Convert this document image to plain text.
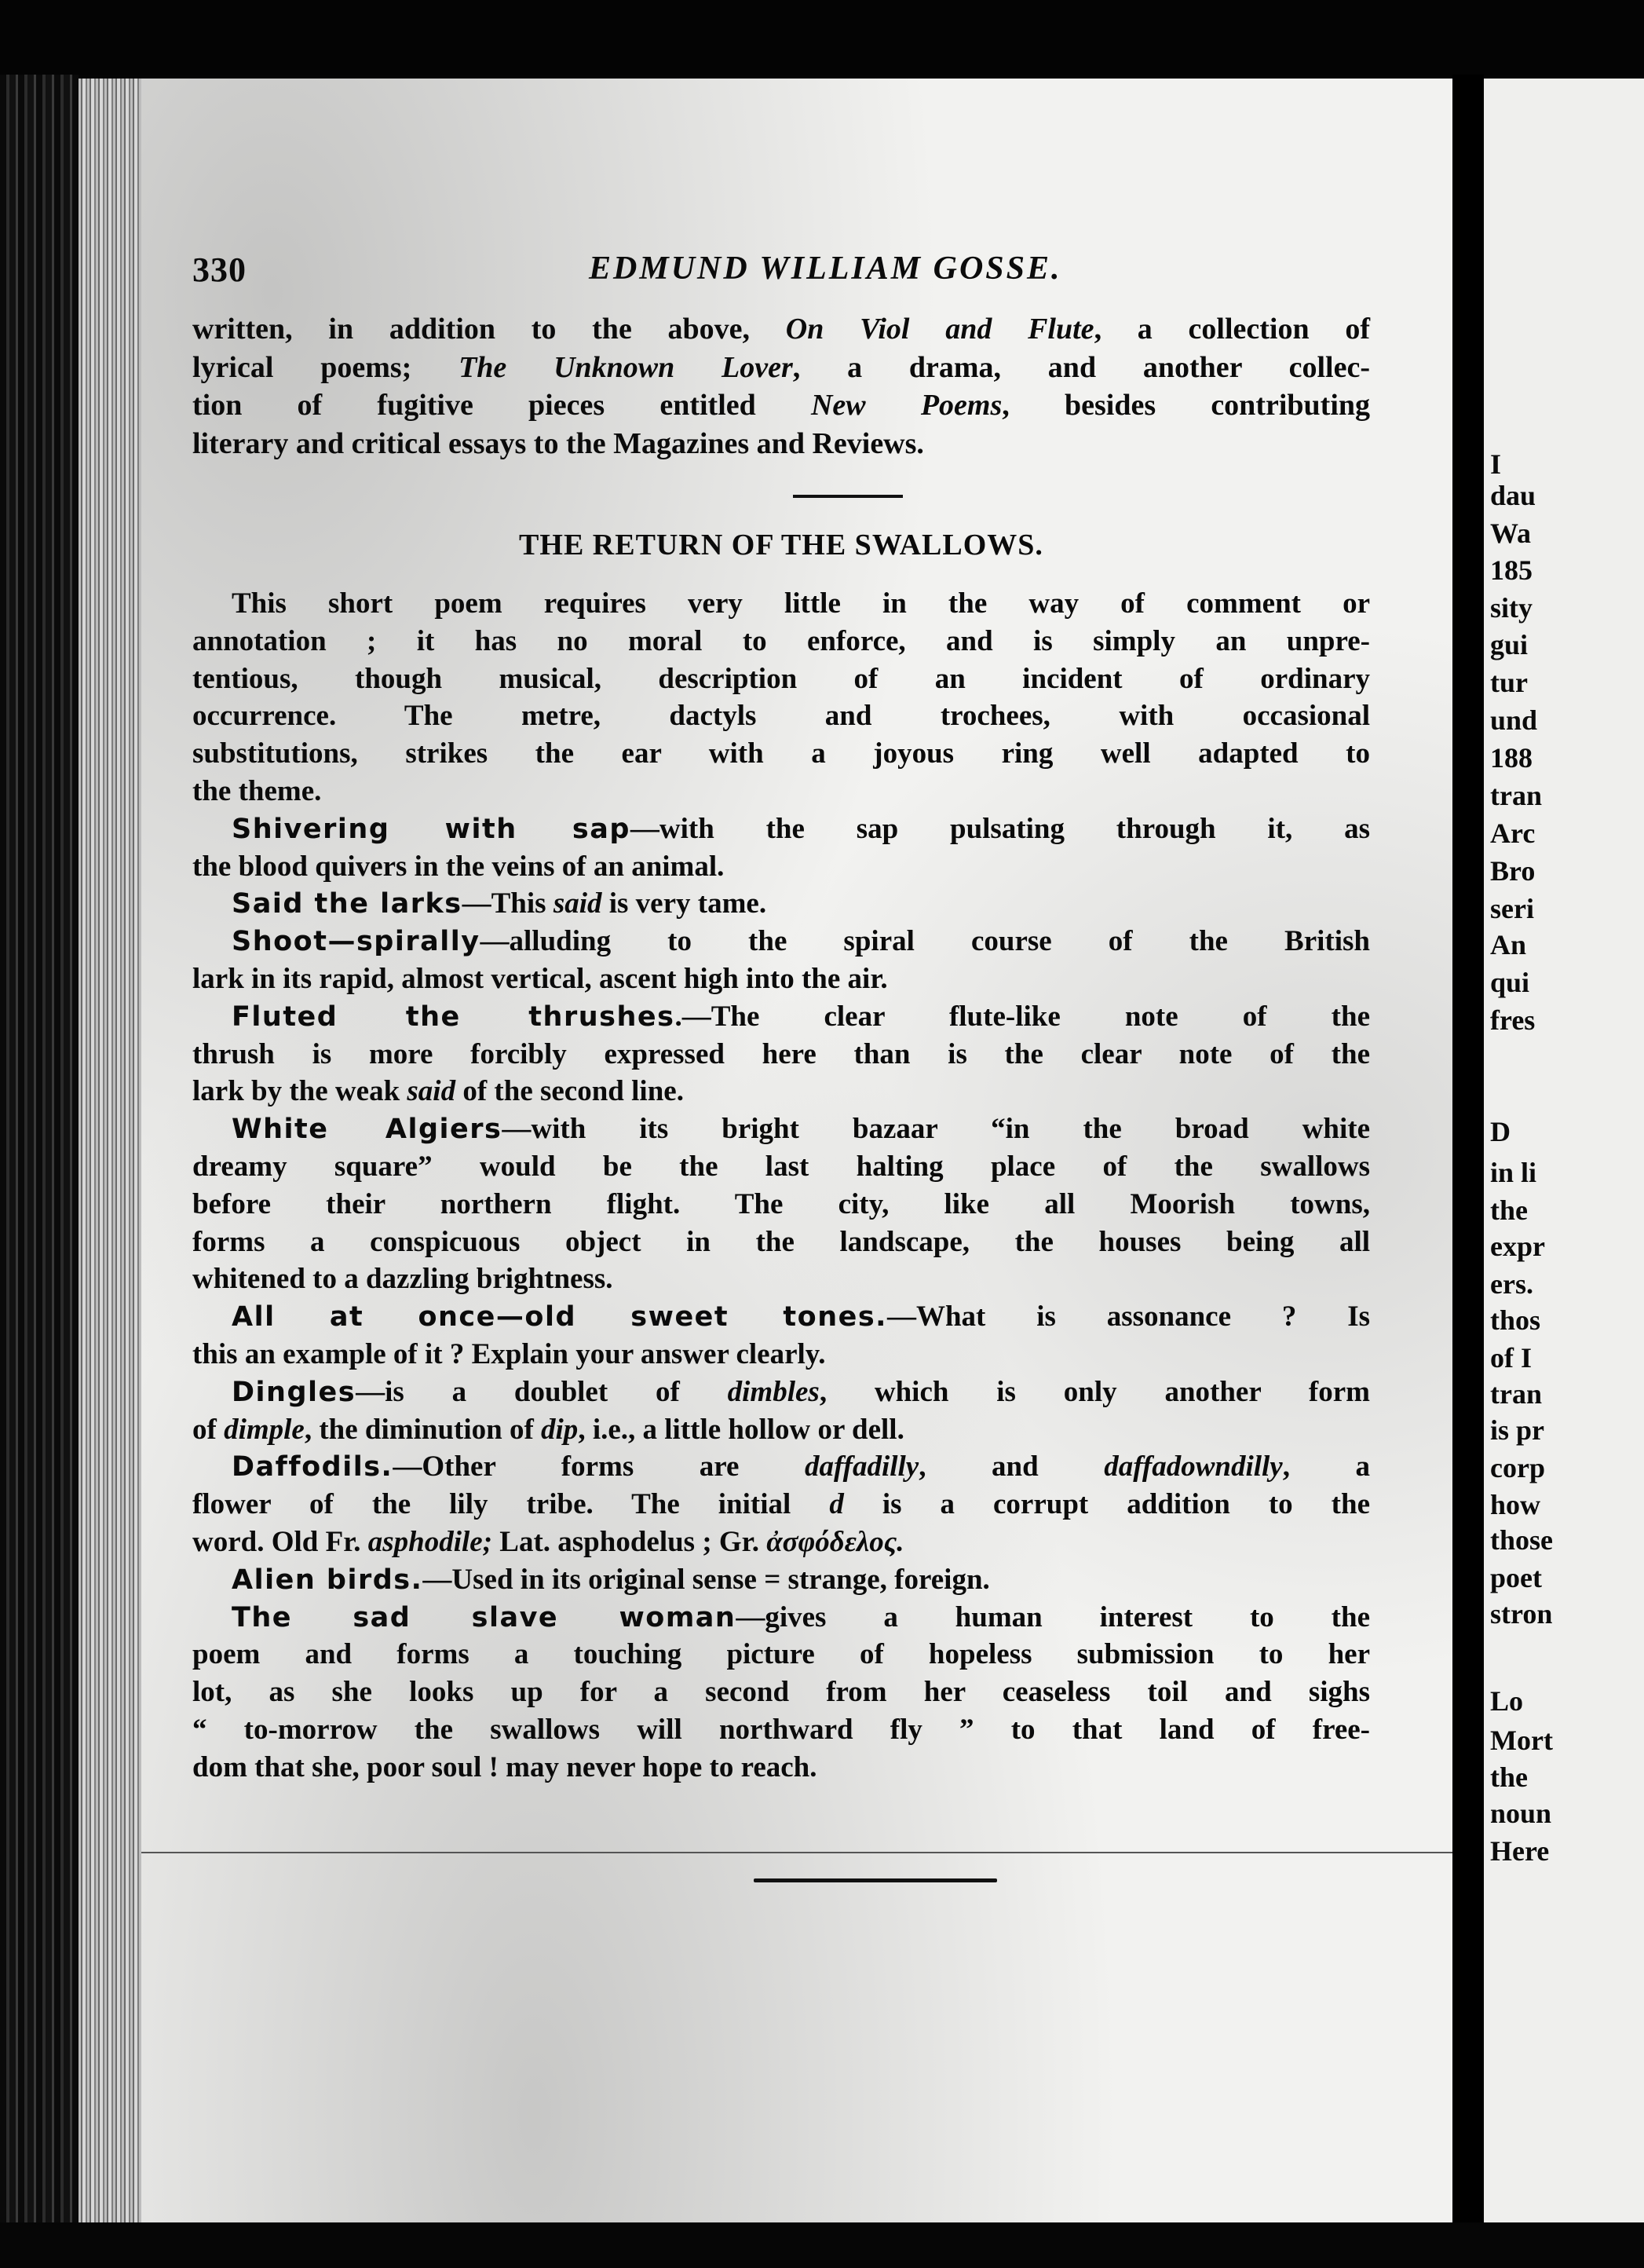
330	EDMUND WILLIAM GOSSE.
written, in addition to the above, On Viol and Flute, a collection of
lyrical poems; The Unknown Lover, a drama, and another collec-
tion of fugitive pieces entitled New Poems, besides contributing
literary and critical essays to the Magazines and Reviews.
THE RETURN OF THE SWALLOWS.
This short poem requires very little in the way of comment or
annotation ; it has no moral to enforce, and is simply an unpre-
tentious, though musical, description of an incident of ordinary
occurrence. The metre, dactyls and trochees, with occasional
substitutions, strikes the ear with a joyous ring well adapted to
the theme.
Shivering with sap—with the sap pulsating through it, as
the blood quivers in the veins of an animal.
Said the larks—This said is very tame.
Shoot—spirally—alluding to the spiral course of the British
lark in its rapid, almost vertical, ascent high into the air.
Fluted the thrushes.—The clear flute-like note of the
thrush is more forcibly expressed here than is the clear note of the
lark by the weak said of the second line.
White Algiers—with its bright bazaar “in the broad white
dreamy square” would be the last halting place of the swallows
before their northern flight. The city, like all Moorish towns,
forms a conspicuous object in the landscape, the houses being all
whitened to a dazzling brightness.
All at once—old sweet tones.—What is assonance ? Is
this an example of it ? Explain your answer clearly.
Dingles—is a doublet of dimbles, which is only another form
of dimple, the diminution of dip, i.e., a little hollow or dell.
Daffodils.—Other forms are daffadilly, and daffadowndilly, a
flower of the lily tribe. The initial d is a corrupt addition to the
word. Old Fr. asphodile; Lat. asphodelus ; Gr. ἀσφόδελος.
Alien birds.—Used in its original sense = strange, foreign.
The sad slave woman—gives a human interest to the
poem and forms a touching picture of hopeless submission to her
lot, as she looks up for a second from her ceaseless toil and sighs
“ to-morrow the swallows will northward fly ” to that land of free-
dom that she, poor soul ! may never hope to reach.
I
dau
Wa
185
sity
gui
tur
und
188
tran
Arc
Bro
seri
An
qui
fres
D
in li
the
expr
ers.
thos
of I
tran
is pr
corp
how
those
poet
stron
Lo
Mort
the
noun
Here
